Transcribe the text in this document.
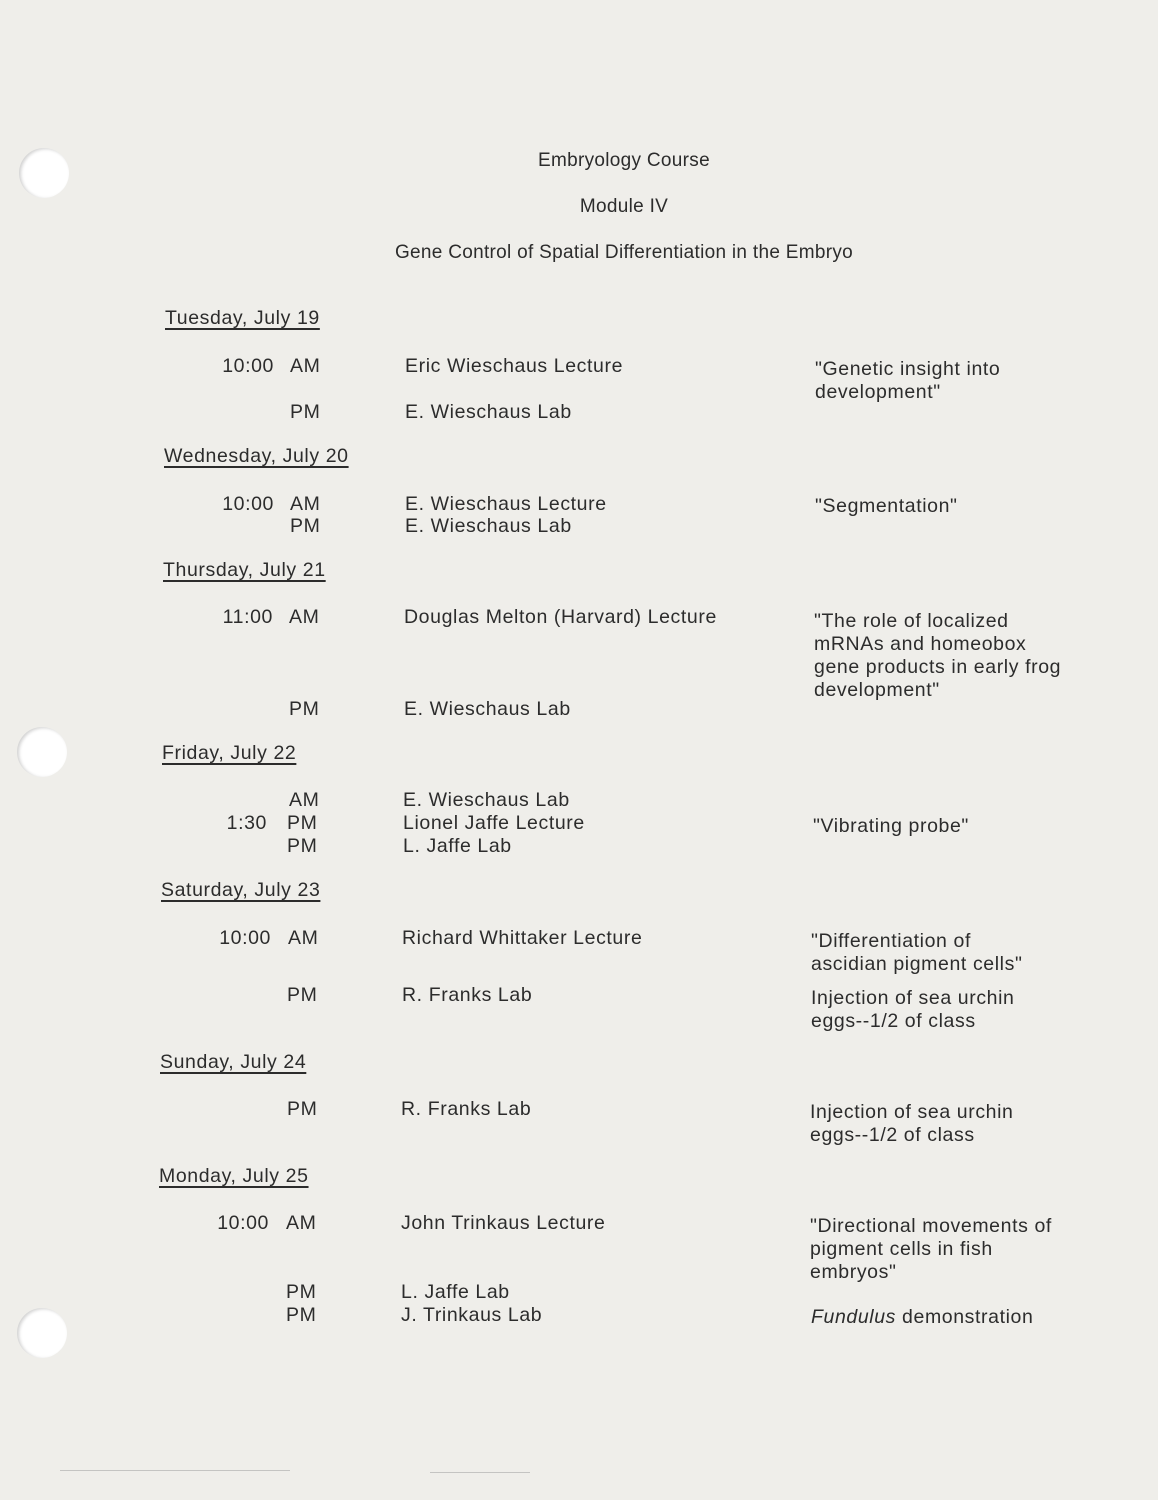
Embryology Course
Module IV
Gene Control of Spatial Differentiation in the Embryo
Tuesday, July 19
10:00 AM	Eric Wieschaus Lecture	"Genetic insight into
development"
PM	E. Wieschaus Lab
Wednesday, July 20
10:00 AM	E. Wieschaus Lecture	"Segmentation"
PM	E. Wieschaus Lab
Thursday, July 21
11:00 AM	Douglas Melton (Harvard) Lecture	"The role of localized
mRNAs and homeobox
gene products in early frog
development"
PM	E. Wieschaus Lab
Friday, July 22
AM	E. Wieschaus Lab
1:30 PM	Lionel Jaffe Lecture	"Vibrating probe"
PM	L. Jaffe Lab
Saturday, July 23
10:00 AM	Richard Whittaker Lecture	"Differentiation of
ascidian pigment cells"
PM	R. Franks Lab	Injection of sea urchin
eggs--1/2 of class
Sunday, July 24
PM	R. Franks Lab	Injection of sea urchin
eggs--1/2 of class
Monday, July 25
10:00 AM	John Trinkaus Lecture	"Directional movements of
pigment cells in fish
embryos"
PM	L. Jaffe Lab
PM	J. Trinkaus Lab	Fundulus demonstration
